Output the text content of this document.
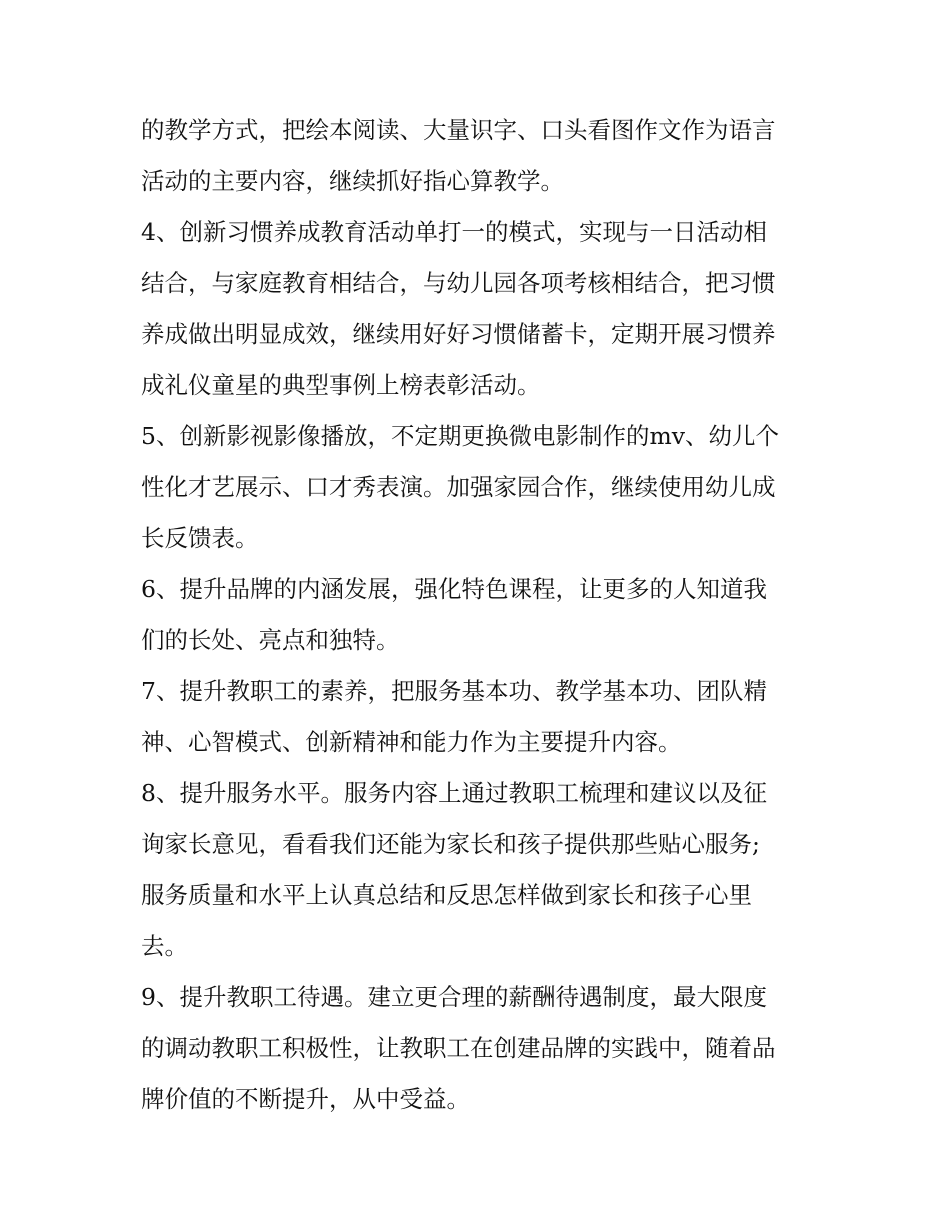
的教学方式，把绘本阅读、大量识字、口头看图作文作为语言
活动的主要内容，继续抓好指心算教学。
4、创新习惯养成教育活动单打一的模式，实现与一日活动相
结合，与家庭教育相结合，与幼儿园各项考核相结合，把习惯
养成做出明显成效，继续用好好习惯储蓄卡，定期开展习惯养
成礼仪童星的典型事例上榜表彰活动。
5、创新影视影像播放，不定期更换微电影制作的mv、幼儿个
性化才艺展示、口才秀表演。加强家园合作，继续使用幼儿成
长反馈表。
6、提升品牌的内涵发展，强化特色课程，让更多的人知道我
们的长处、亮点和独特。
7、提升教职工的素养，把服务基本功、教学基本功、团队精
神、心智模式、创新精神和能力作为主要提升内容。
8、提升服务水平。服务内容上通过教职工梳理和建议以及征
询家长意见，看看我们还能为家长和孩子提供那些贴心服务;
服务质量和水平上认真总结和反思怎样做到家长和孩子心里
去。
9、提升教职工待遇。建立更合理的薪酬待遇制度，最大限度
的调动教职工积极性，让教职工在创建品牌的实践中，随着品
牌价值的不断提升，从中受益。
